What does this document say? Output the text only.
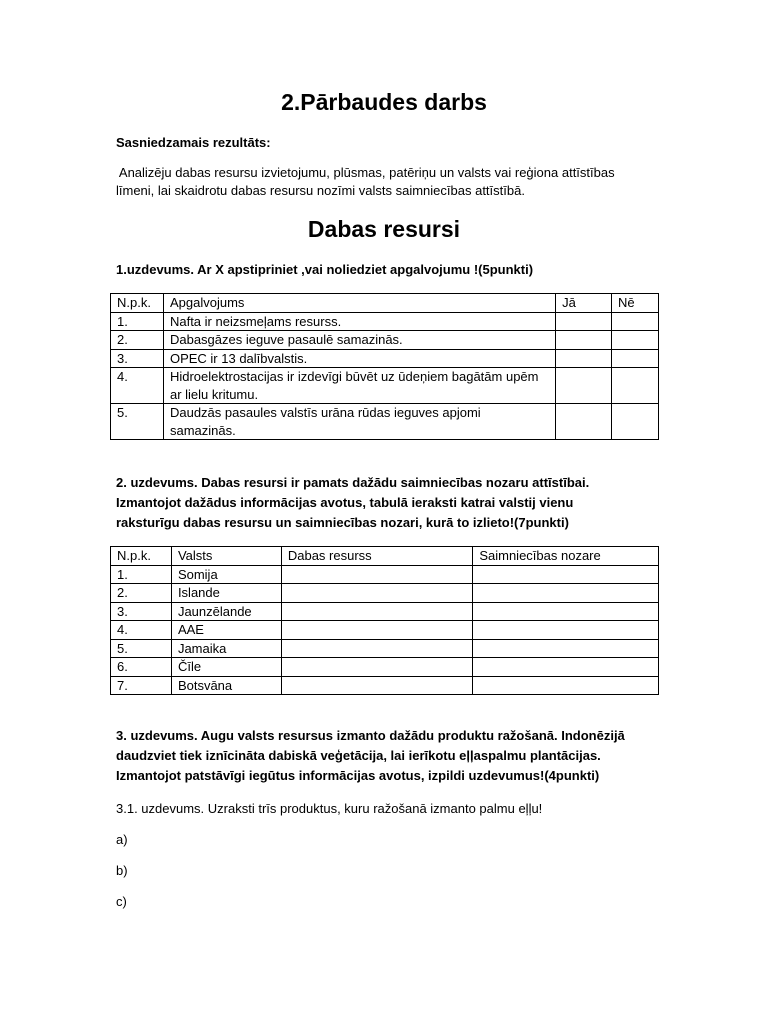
2.Pārbaudes darbs
Sasniedzamais rezultāts:
Analizēju dabas resursu izvietojumu, plūsmas, patēriņu un valsts vai reģiona attīstības
līmeni, lai skaidrotu dabas resursu nozīmi valsts saimniecības attīstībā.
Dabas resursi
1.uzdevums. Ar X apstipriniet ,vai noliedziet apgalvojumu !(5punkti)
N.p.k.	Apgalvojums	Jā	Nē
1.	Nafta ir neizsmeļams resurss.		
2.	Dabasgāzes ieguve pasaulē samazinās.		
3.	OPEC ir 13 dalībvalstis.		
4.	Hidroelektrostacijas ir izdevīgi būvēt uz ūdeņiem bagātām upēm ar lielu kritumu.		
5.	Daudzās pasaules valstīs urāna rūdas ieguves apjomi samazinās.		
2. uzdevums. Dabas resursi ir pamats dažādu saimniecības nozaru attīstībai.
Izmantojot dažādus informācijas avotus, tabulā ieraksti katrai valstij vienu
raksturīgu dabas resursu un saimniecības nozari, kurā to izlieto!(7punkti)
N.p.k.	Valsts	Dabas resurss	Saimniecības nozare
1.	Somija		
2.	Islande		
3.	Jaunzēlande		
4.	AAE		
5.	Jamaika		
6.	Čīle		
7.	Botsvāna		
3. uzdevums. Augu valsts resursus izmanto dažādu produktu ražošanā. Indonēzijā
daudzviet tiek iznīcināta dabiskā veģetācija, lai ierīkotu eļļaspalmu plantācijas.
Izmantojot patstāvīgi iegūtus informācijas avotus, izpildi uzdevumus!(4punkti)
3.1. uzdevums. Uzraksti trīs produktus, kuru ražošanā izmanto palmu eļļu!
a)
b)
c)
